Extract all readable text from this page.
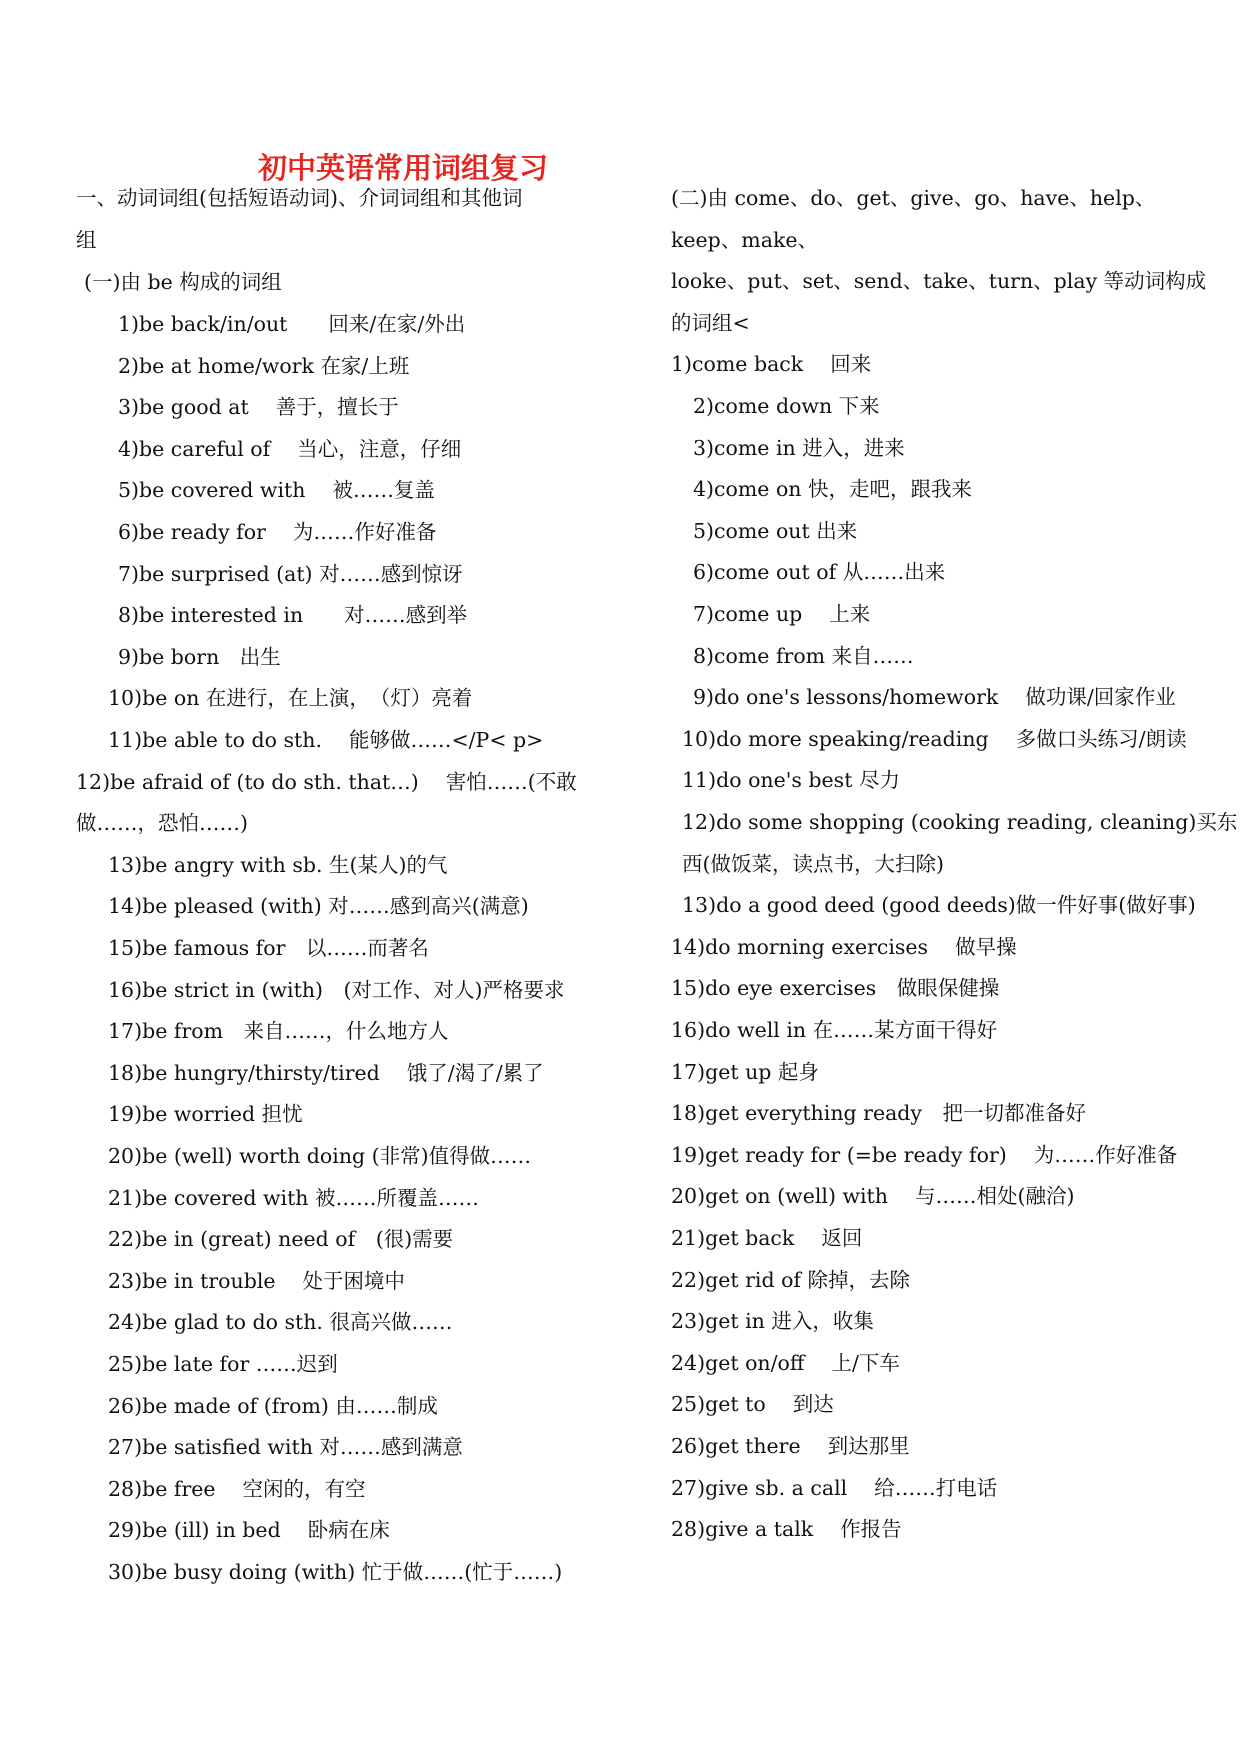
初中英语常用词组复习
一、动词词组(包括短语动词)、介词词组和其他词
组
(一)由 be 构成的词组
1)be back/in/out　　回来/在家/外出
2)be at home/work 在家/上班
3)be good at　 善于，擅长于
4)be careful of　 当心，注意，仔细
5)be covered with　 被……复盖
6)be ready for　 为……作好准备
7)be surprised (at) 对……感到惊讶
8)be interested in　　对……感到举
9)be born　出生
10)be on 在进行，在上演，　（灯）亮着
11)be able to do sth.　 能够做……</P< p>
12)be afraid of (to do sth. that…)　 害怕……(不敢
做……，恐怕……)
13)be angry with sb. 生(某人)的气
14)be pleased (with) 对……感到高兴(满意)
15)be famous for　以……而著名
16)be strict in (with)　(对工作、对人)严格要求
17)be from　来自……，什么地方人
18)be hungry/thirsty/tired　 饿了/渴了/累了
19)be worried 担忧
20)be (well) worth doing (非常)值得做……
21)be covered with 被……所覆盖……
22)be in (great) need of　(很)需要
23)be in trouble　 处于困境中
24)be glad to do sth. 很高兴做……
25)be late for ……迟到
26)be made of (from) 由……制成
27)be satisfied with 对……感到满意
28)be free　 空闲的，有空
29)be (ill) in bed　 卧病在床
30)be busy doing (with) 忙于做……(忙于……)
(二)由 come、do、get、give、go、have、help、
keep、make、
looke、put、set、send、take、turn、play 等动词构成
的词组<
1)come back　 回来
2)come down 下来
3)come in 进入，进来
4)come on 快，走吧，跟我来
5)come out 出来
6)come out of 从……出来
7)come up　 上来
8)come from 来自……
9)do one's lessons/homework　 做功课/回家作业
10)do more speaking/reading　 多做口头练习/朗读
11)do one's best 尽力
12)do some shopping (cooking reading, cleaning)买东
西(做饭菜，读点书，大扫除)
13)do a good deed (good deeds)做一件好事(做好事)
14)do morning exercises　 做早操
15)do eye exercises　做眼保健操
16)do well in 在……某方面干得好
17)get up 起身
18)get everything ready　把一切都准备好
19)get ready for (=be ready for)　 为……作好准备
20)get on (well) with　 与……相处(融洽)
21)get back　 返回
22)get rid of 除掉，去除
23)get in 进入，收集
24)get on/off　 上/下车
25)get to　 到达
26)get there　 到达那里
27)give sb. a call　 给……打电话
28)give a talk　 作报告
